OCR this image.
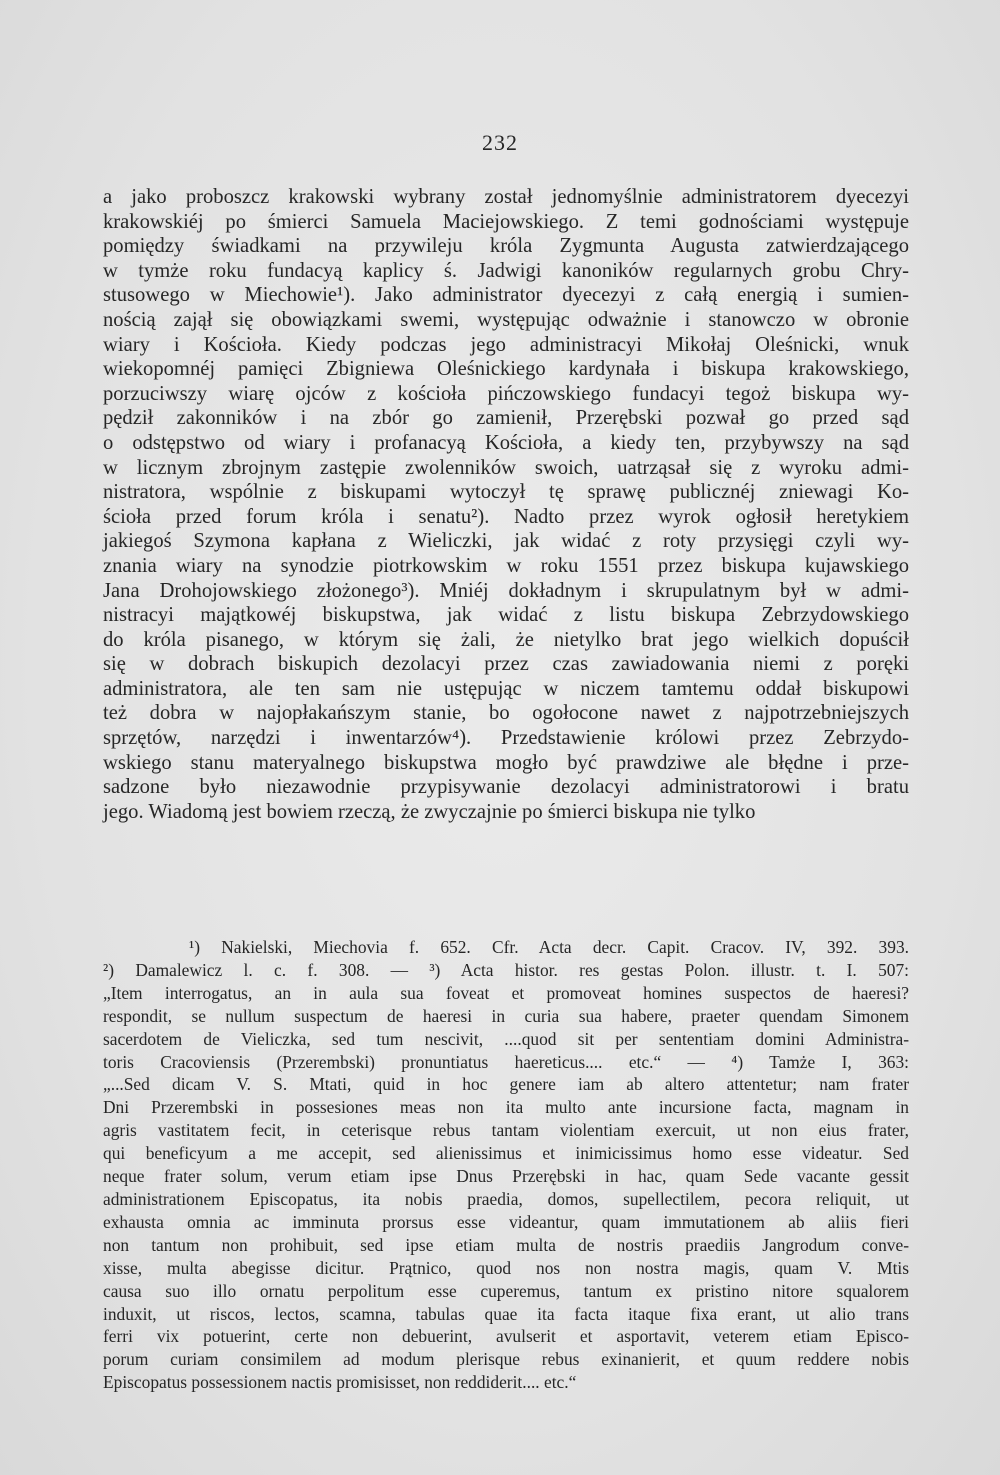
232
a jako proboszcz krakowski wybrany został jednomyślnie administratorem dyecezyi
krakowskiéj po śmierci Samuela Maciejowskiego. Z temi godnościami występuje
pomiędzy świadkami na przywileju króla Zygmunta Augusta zatwierdzającego
w tymże roku fundacyą kaplicy ś. Jadwigi kanoników regularnych grobu Chry-
stusowego w Miechowie¹). Jako administrator dyecezyi z całą energią i sumien-
nością zajął się obowiązkami swemi, występując odważnie i stanowczo w obronie
wiary i Kościoła. Kiedy podczas jego administracyi Mikołaj Oleśnicki, wnuk
wiekopomnéj pamięci Zbigniewa Oleśnickiego kardynała i biskupa krakowskiego,
porzuciwszy wiarę ojców z kościoła pińczowskiego fundacyi tegoż biskupa wy-
pędził zakonników i na zbór go zamienił, Przerębski pozwał go przed sąd
o odstępstwo od wiary i profanacyą Kościoła, a kiedy ten, przybywszy na sąd
w licznym zbrojnym zastępie zwolenników swoich, uatrząsał się z wyroku admi-
nistratora, wspólnie z biskupami wytoczył tę sprawę publicznéj zniewagi Ko-
ścioła przed forum króla i senatu²). Nadto przez wyrok ogłosił heretykiem
jakiegoś Szymona kapłana z Wieliczki, jak widać z roty przysięgi czyli wy-
znania wiary na synodzie piotrkowskim w roku 1551 przez biskupa kujawskiego
Jana Drohojowskiego złożonego³). Mniéj dokładnym i skrupulatnym był w admi-
nistracyi majątkowéj biskupstwa, jak widać z listu biskupa Zebrzydowskiego
do króla pisanego, w którym się żali, że nietylko brat jego wielkich dopuścił
się w dobrach biskupich dezolacyi przez czas zawiadowania niemi z poręki
administratora, ale ten sam nie ustępując w niczem tamtemu oddał biskupowi
też dobra w najopłakańszym stanie, bo ogołocone nawet z najpotrzebniejszych
sprzętów, narzędzi i inwentarzów⁴). Przedstawienie królowi przez Zebrzydo-
wskiego stanu materyalnego biskupstwa mogło być prawdziwe ale błędne i prze-
sadzone było niezawodnie przypisywanie dezolacyi administratorowi i bratu
jego. Wiadomą jest bowiem rzeczą, że zwyczajnie po śmierci biskupa nie tylko
¹) Nakielski, Miechovia f. 652. Cfr. Acta decr. Capit. Cracov. IV, 392. 393.
²) Damalewicz l. c. f. 308. — ³) Acta histor. res gestas Polon. illustr. t. I. 507:
„Item interrogatus, an in aula sua foveat et promoveat homines suspectos de haeresi?
respondit, se nullum suspectum de haeresi in curia sua habere, praeter quendam Simonem
sacerdotem de Vieliczka, sed tum nescivit, ....quod sit per sententiam domini Administra-
toris Cracoviensis (Przerembski) pronuntiatus haereticus.... etc.“ — ⁴) Tamże I, 363:
„...Sed dicam V. S. Mtati, quid in hoc genere iam ab altero attentetur; nam frater
Dni Przerembski in possesiones meas non ita multo ante incursione facta, magnam in
agris vastitatem fecit, in ceterisque rebus tantam violentiam exercuit, ut non eius frater,
qui beneficyum a me accepit, sed alienissimus et inimicissimus homo esse videatur. Sed
neque frater solum, verum etiam ipse Dnus Przerębski in hac, quam Sede vacante gessit
administrationem Episcopatus, ita nobis praedia, domos, supellectilem, pecora reliquit, ut
exhausta omnia ac imminuta prorsus esse videantur, quam immutationem ab aliis fieri
non tantum non prohibuit, sed ipse etiam multa de nostris praediis Jangrodum conve-
xisse, multa abegisse dicitur. Prątnico, quod nos non nostra magis, quam V. Mtis
causa suo illo ornatu perpolitum esse cuperemus, tantum ex pristino nitore squalorem
induxit, ut riscos, lectos, scamna, tabulas quae ita facta itaque fixa erant, ut alio trans
ferri vix potuerint, certe non debuerint, avulserit et asportavit, veterem etiam Episco-
porum curiam consimilem ad modum plerisque rebus exinanierit, et quum reddere nobis
Episcopatus possessionem nactis promisisset, non reddiderit.... etc.“
